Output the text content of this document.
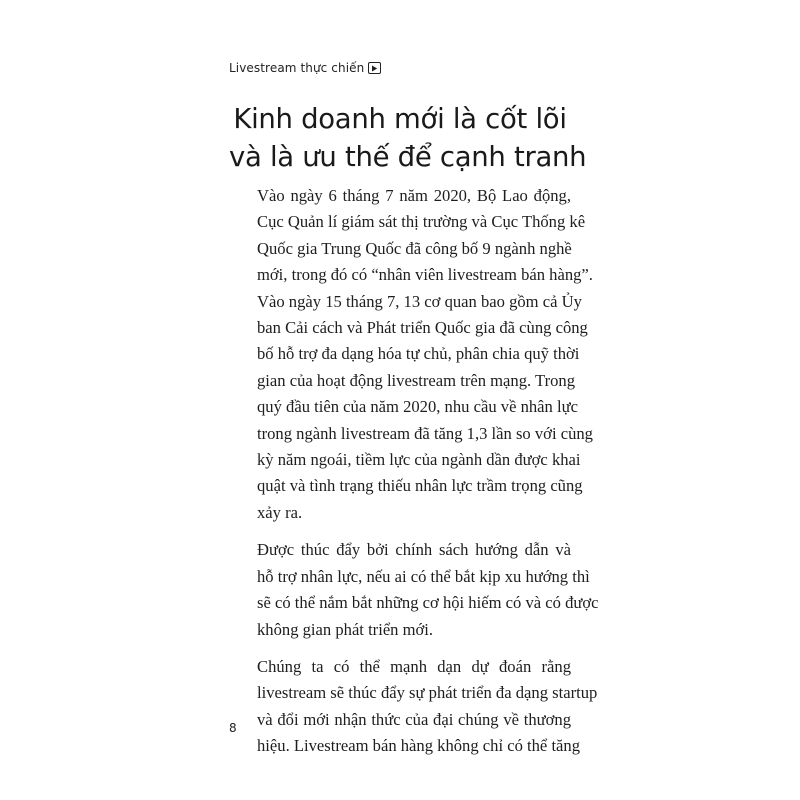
Livestream thực chiến
Kinh doanh mới là cốt lõi
và là ưu thế để cạnh tranh
Vào ngày 6 tháng 7 năm 2020, Bộ Lao động,
Cục Quản lí giám sát thị trường và Cục Thống kê
Quốc gia Trung Quốc đã công bố 9 ngành nghề
mới, trong đó có “nhân viên livestream bán hàng”.
Vào ngày 15 tháng 7, 13 cơ quan bao gồm cả Ủy
ban Cải cách và Phát triển Quốc gia đã cùng công
bố hỗ trợ đa dạng hóa tự chủ, phân chia quỹ thời
gian của hoạt động livestream trên mạng. Trong
quý đầu tiên của năm 2020, nhu cầu về nhân lực
trong ngành livestream đã tăng 1,3 lần so với cùng
kỳ năm ngoái, tiềm lực của ngành dần được khai
quật và tình trạng thiếu nhân lực trầm trọng cũng
xảy ra.
Được thúc đẩy bởi chính sách hướng dẫn và
hỗ trợ nhân lực, nếu ai có thể bắt kịp xu hướng thì
sẽ có thể nắm bắt những cơ hội hiếm có và có được
không gian phát triển mới.
Chúng ta có thể mạnh dạn dự đoán rằng
livestream sẽ thúc đẩy sự phát triển đa dạng startup
và đổi mới nhận thức của đại chúng về thương
hiệu. Livestream bán hàng không chỉ có thể tăng
8
